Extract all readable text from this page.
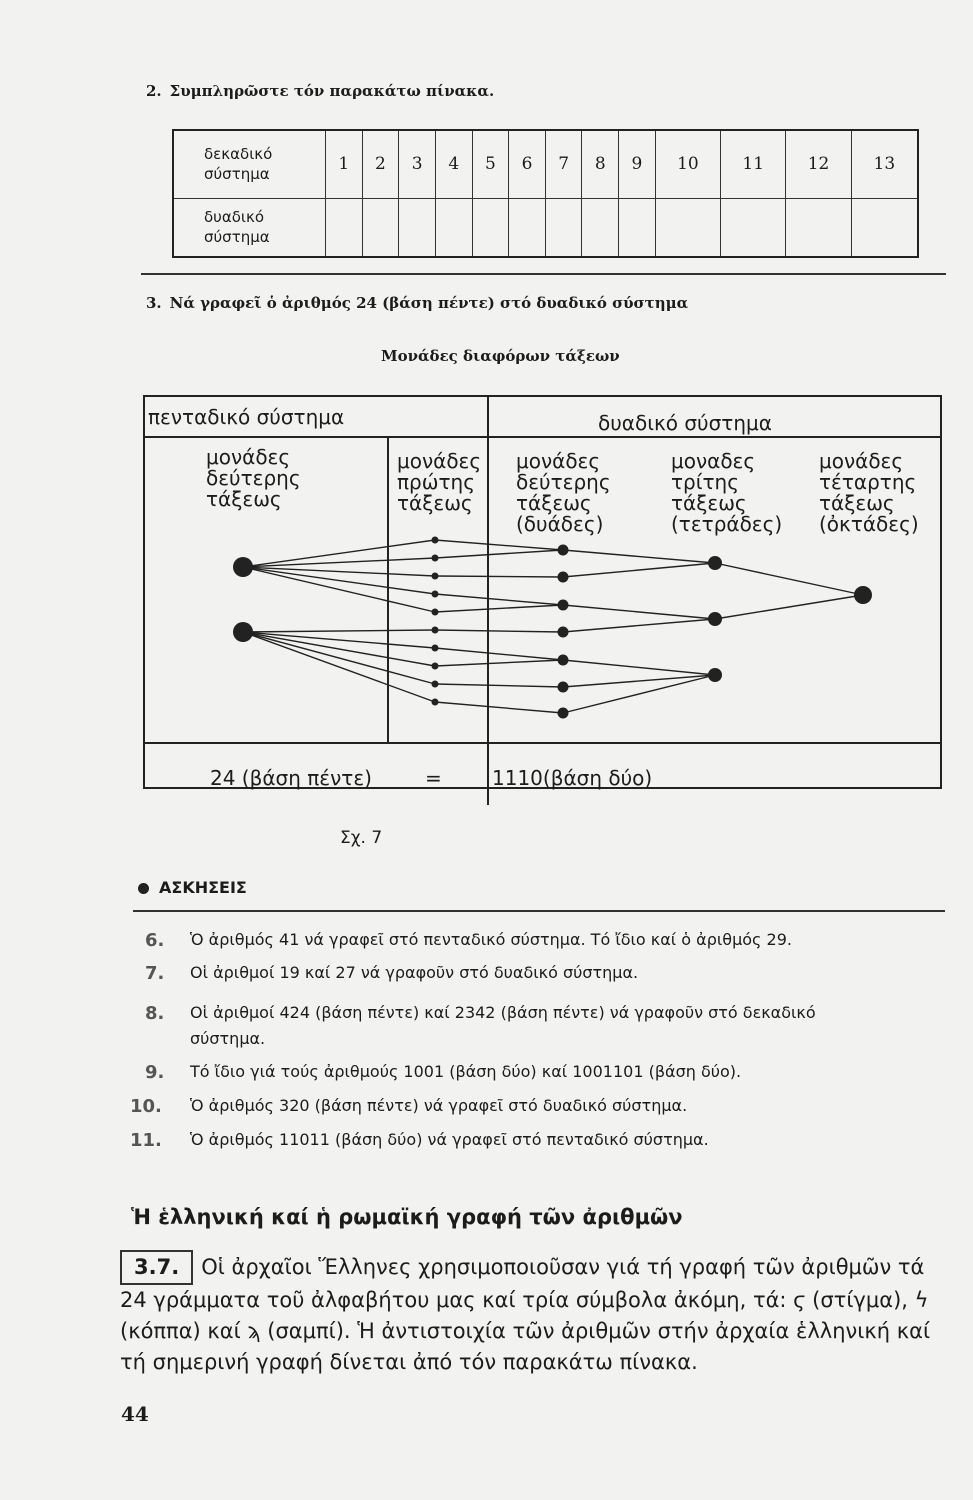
2. Συμπληρῶστε τόν παρακάτω πίνακα.
δεκαδικό
σύστημα	1	2	3	4	5	6	7	8	9	10	11	12	13
δυαδικό
σύστημα													
3. Νά γραφεῖ ὁ ἀριθμός 24 (βάση πέντε) στό δυαδικό σύστημα
Μονάδες διαφόρων τάξεων
πενταδικό σύστημα	δυαδικό σύστημα
μονάδες
δεύτερης
τάξεως
μονάδες
πρώτης
τάξεως
μονάδες
δεύτερης
τάξεως
(δυάδες)
μοναδες
τρίτης
τάξεως
(τετράδες)
μονάδες
τέταρτης
τάξεως
(ὀκτάδες)
24 (βάση πέντε)	=	1110(βάση δύο)
Σχ. 7
ΑΣΚΗΣΕΙΣ
6. Ὁ ἀριθμός 41 νά γραφεῖ στό πενταδικό σύστημα. Τό ἴδιο καί ὁ ἀριθμός 29.
7. Οἱ ἀριθμοί 19 καί 27 νά γραφοῦν στό δυαδικό σύστημα.
8. Οἱ ἀριθμοί 424 (βάση πέντε) καί 2342 (βάση πέντε) νά γραφοῦν στό δεκαδικό
σύστημα.
9. Τό ἴδιο γιά τούς ἀριθμούς 1001 (βάση δύο) καί 1001101 (βάση δύο).
10. Ὁ ἀριθμός 320 (βάση πέντε) νά γραφεῖ στό δυαδικό σύστημα.
11. Ὁ ἀριθμός 11011 (βάση δύο) νά γραφεῖ στό πενταδικό σύστημα.
Ἡ ἑλληνική καί ἡ ρωμαϊκή γραφή τῶν ἀριθμῶν
3.7. Οἱ ἀρχαῖοι Ἕλληνες χρησιμοποιοῦσαν γιά τή γραφή τῶν ἀριθμῶν τά 24 γράμματα τοῦ ἀλφαβήτου μας καί τρία σύμβολα ἀκόμη, τά: ϛ (στίγμα), ϟ (κόππα) καί ϡ (σαμπί). Ἡ ἀντιστοιχία τῶν ἀριθμῶν στήν ἀρχαία ἑλληνική καί τή σημερινή γραφή δίνεται ἀπό τόν παρακάτω πίνακα.
44
